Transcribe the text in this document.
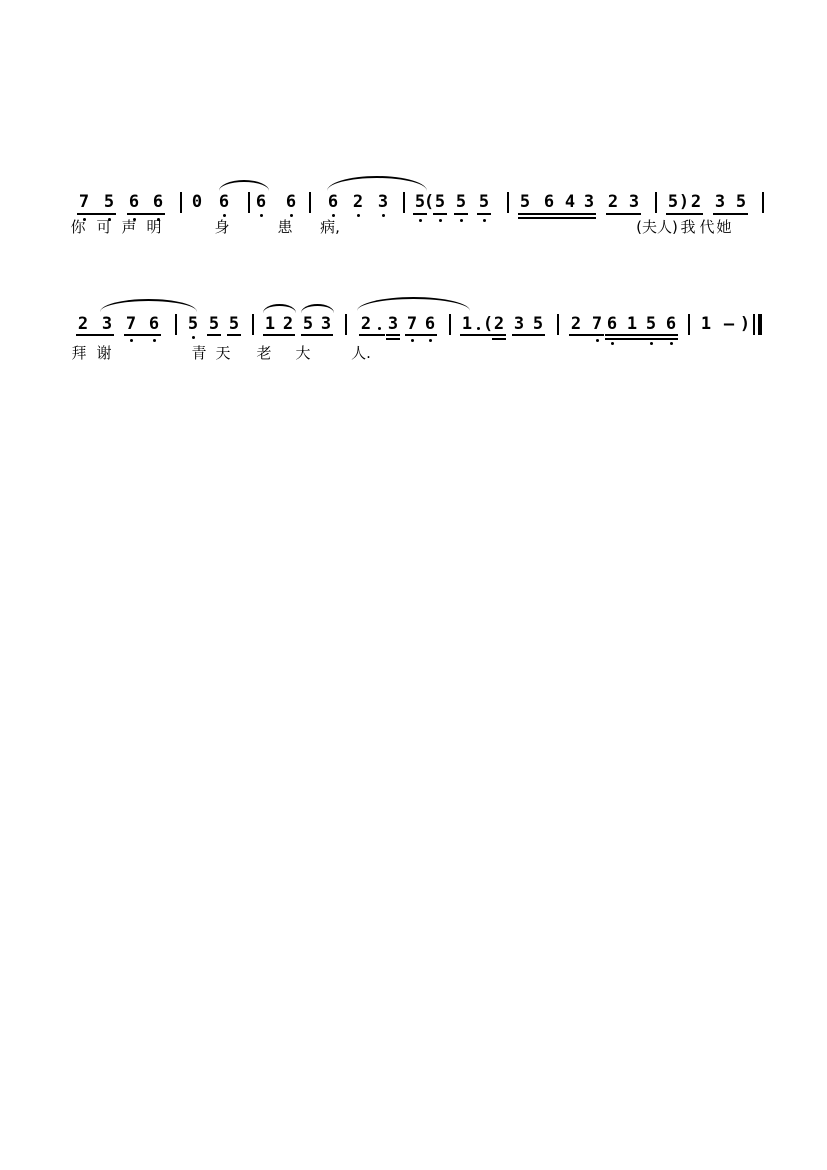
7 5 6 6 0 6 6 6 6 2 3 5
( 5 5 5 5 6 4 3 2 3 5 ) 2 3 5
你 可 声 明	身	患 病,	(夫人) 我 代 她
2 3 7 6 5 5 5 1 2 5 3 2 3 7 6 1 ( 2 3 5 2 7 6 1 5 6 1 — )
拜 谢	青 天 老 大	人.
